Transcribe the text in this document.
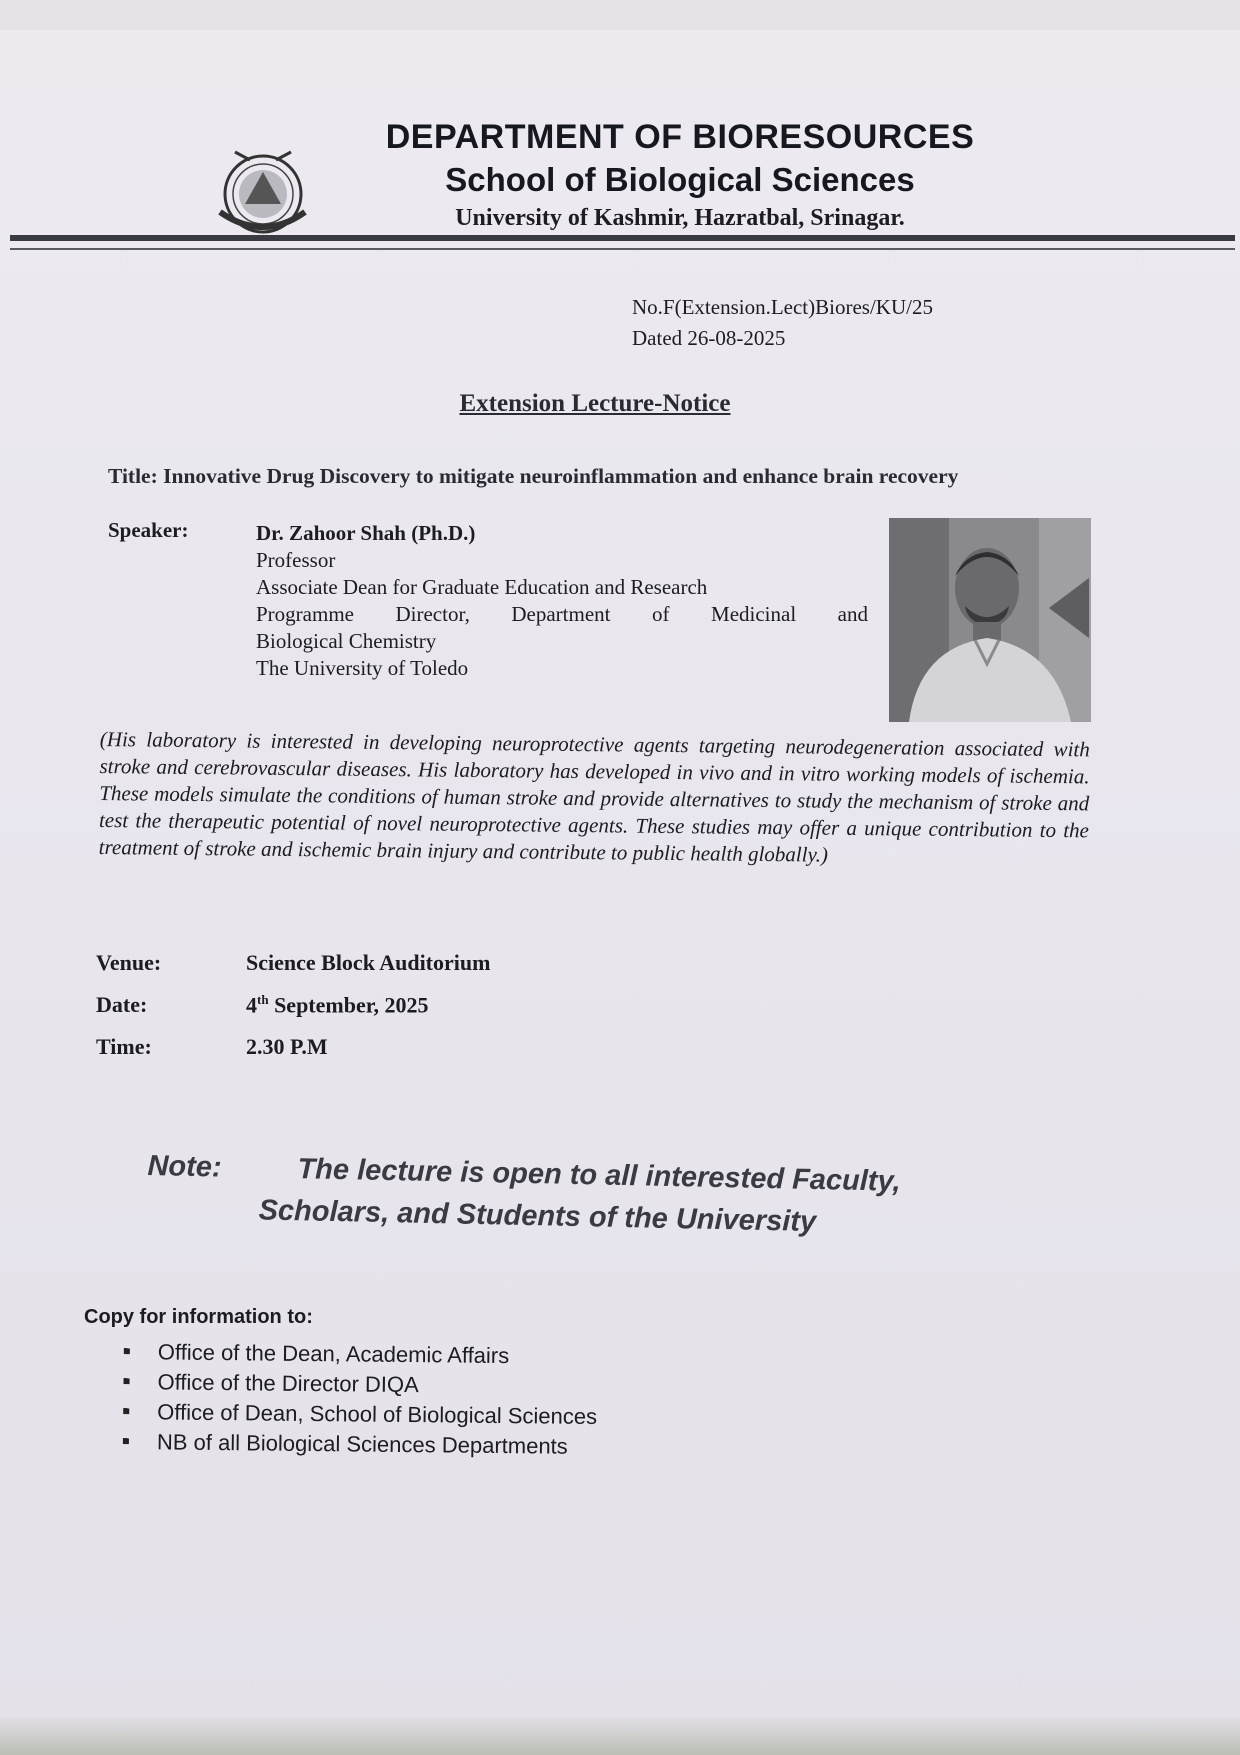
DEPARTMENT OF BIORESOURCES

School of Biological Sciences

University of Kashmir, Hazratbal, Srinagar.

No.F(Extension.Lect)Biores/KU/25
Dated 26-08-2025
Extension Lecture-Notice
Title: Innovative Drug Discovery to mitigate neuroinflammation and enhance brain recovery
Speaker:	Dr. Zahoor Shah (Ph.D.)
Professor
Associate Dean for Graduate Education and Research
Programme Director, Department of Medicinal and
Biological Chemistry
The University of Toledo
(His laboratory is interested in developing neuroprotective agents targeting neurodegeneration associated with stroke and cerebrovascular diseases. His laboratory has developed in vivo and in vitro working models of ischemia. These models simulate the conditions of human stroke and provide alternatives to study the mechanism of stroke and test the therapeutic potential of novel neuroprotective agents. These studies may offer a unique contribution to the treatment of stroke and ischemic brain injury and contribute to public health globally.)
Venue:	Science Block Auditorium
Date:	4th September, 2025
Time:	2.30 P.M
Note:	The lecture is open to all interested Faculty,
Scholars, and Students of the University
Copy for information to:
Office of the Dean, Academic Affairs
Office of the Director DIQA
Office of Dean, School of Biological Sciences
NB of all Biological Sciences Departments
